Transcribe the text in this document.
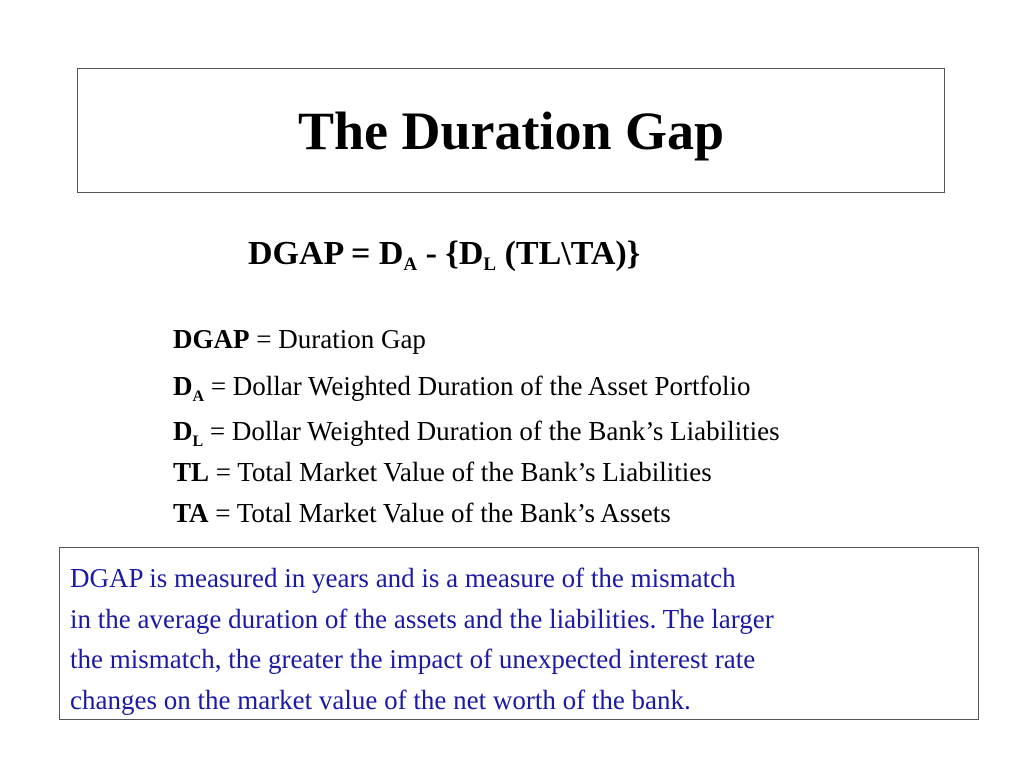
The Duration Gap
DGAP = $D_A - \{D_L$ (TL\TA)}
DGAP = Duration Gap
$D_A$ = Dollar Weighted Duration of the Asset Portfolio
$D_L$ = Dollar Weighted Duration of the Bank’s Liabilities
TL = Total Market Value of the Bank’s Liabilities
TA = Total Market Value of the Bank’s Assets
DGAP is measured in years and is a measure of the mismatch
in the average duration of the assets and the liabilities. The larger
the mismatch, the greater the impact of unexpected interest rate
changes on the market value of the net worth of the bank.
